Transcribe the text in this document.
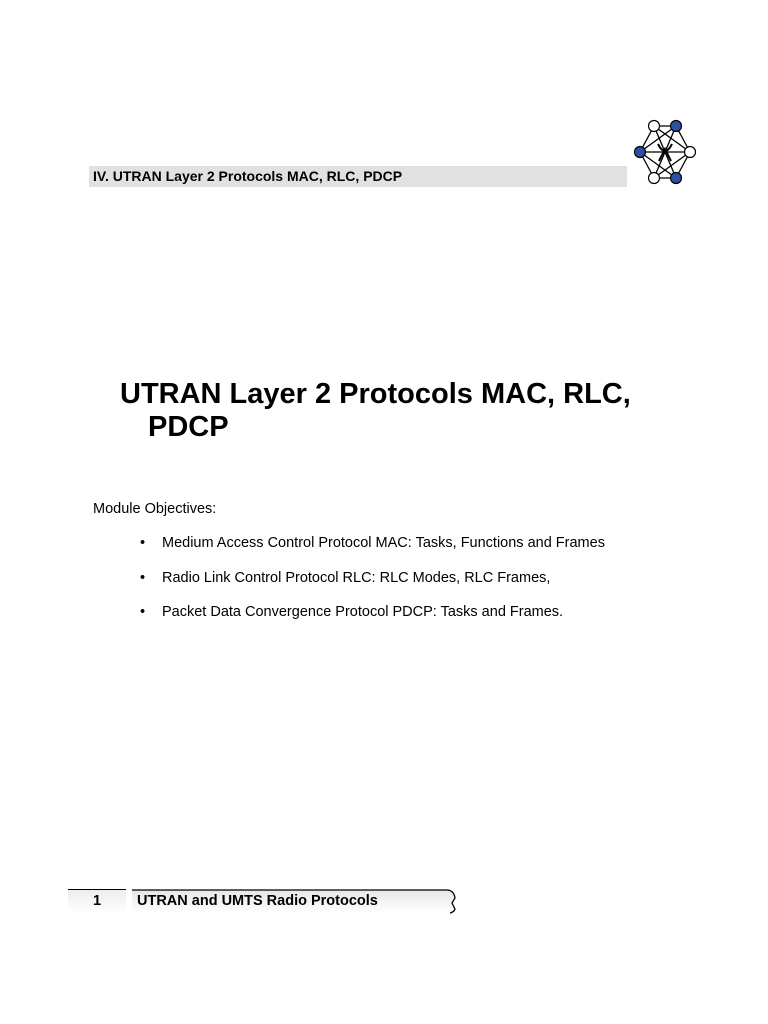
IV. UTRAN Layer 2 Protocols MAC, RLC, PDCP
UTRAN Layer 2 Protocols MAC, RLC,
PDCP
Module Objectives:
• Medium Access Control Protocol MAC: Tasks, Functions and Frames
• Radio Link Control Protocol RLC: RLC Modes, RLC Frames,
• Packet Data Convergence Protocol PDCP: Tasks and Frames.
1 UTRAN and UMTS Radio Protocols
